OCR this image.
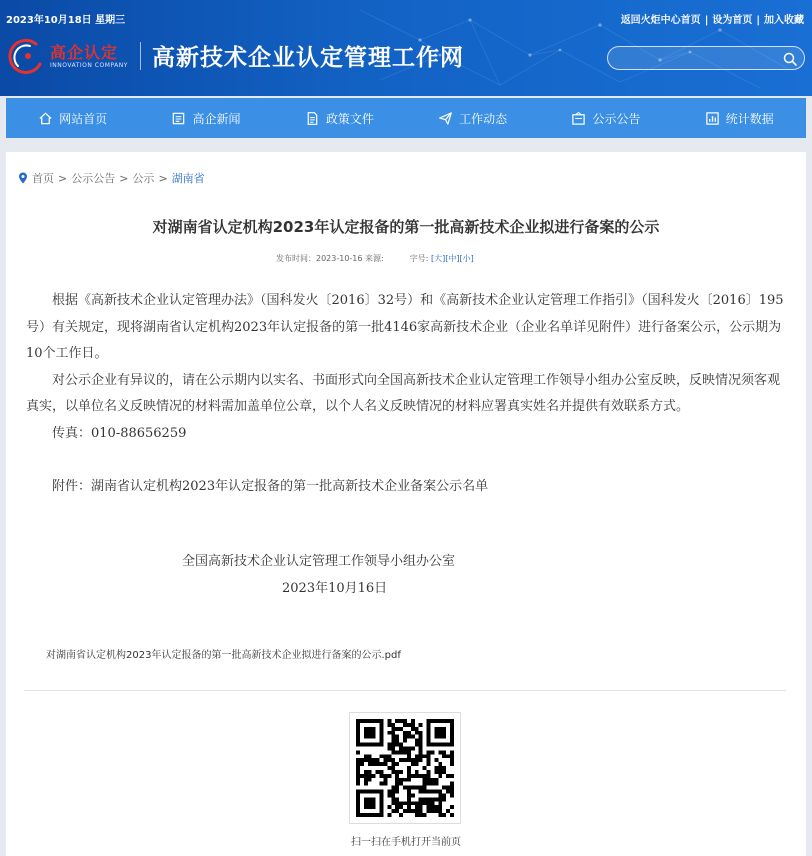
2023年10月18日 星期三	返回火炬中心首页 | 设为首页 | 加入收藏
高企认定
INNOVATION COMPANY 高新技术企业认定管理工作网
网站首页	高企新闻	政策文件	工作动态	公示公告	统计数据
首页 > 公示公告 > 公示 > 湖南省
对湖南省认定机构2023年认定报备的第一批高新技术企业拟进行备案的公示
发布时间：2023-10-16 来源:	字号: [大][中][小]

根据《高新技术企业认定管理办法》（国科发火〔2016〕32号）和《高新技术企业认定管理工作指引》（国科发火〔2016〕195号）有关规定，现将湖南省认定机构2023年认定报备的第一批4146家高新技术企业（企业名单详见附件）进行备案公示，公示期为10个工作日。

对公示企业有异议的，请在公示期内以实名、书面形式向全国高新技术企业认定管理工作领导小组办公室反映，反映情况须客观真实，以单位名义反映情况的材料需加盖单位公章，以个人名义反映情况的材料应署真实姓名并提供有效联系方式。

传真：010-88656259

附件：湖南省认定机构2023年认定报备的第一批高新技术企业备案公示名单

全国高新技术企业认定管理工作领导小组办公室
2023年10月16日
对湖南省认定机构2023年认定报备的第一批高新技术企业拟进行备案的公示.pdf
扫一扫在手机打开当前页
